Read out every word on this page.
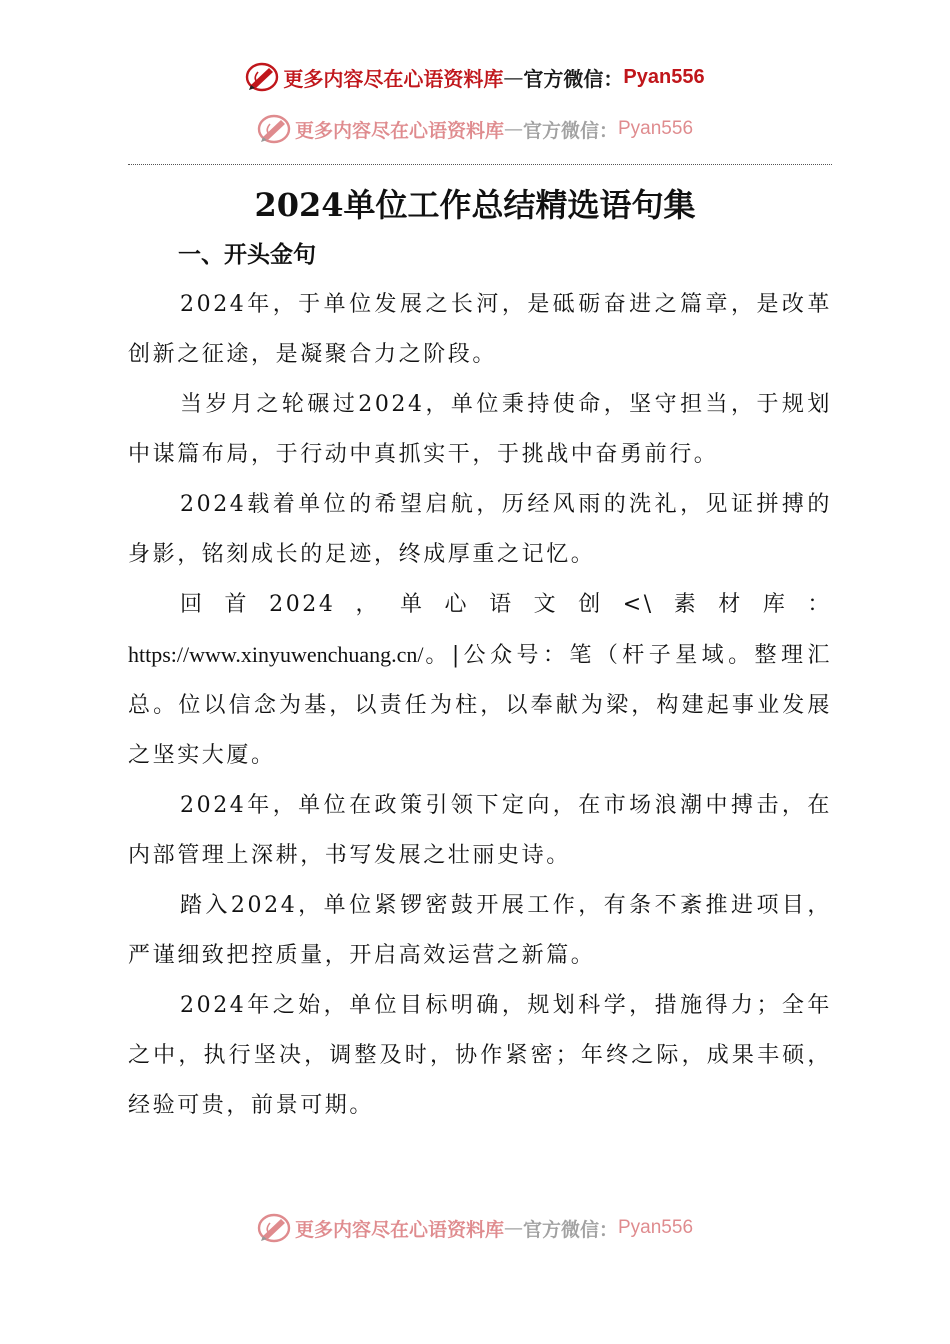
更多内容尽在心语资料库 — 官方微信： Pyan556
更多内容尽在心语资料库 — 官方微信： Pyan556
2024单位工作总结精选语句集
一、开头金句

2024年，于单位发展之长河，是砥砺奋进之篇章，是改革创新之征途，是凝聚合力之阶段。

当岁月之轮碾过2024，单位秉持使命，坚守担当，于规划中谋篇布局，于行动中真抓实干，于挑战中奋勇前行。

2024载着单位的希望启航，历经风雨的洗礼，见证拼搏的身影，铭刻成长的足迹，终成厚重之记忆。

回首2024，单心语文创<\素材库：https://www.xinyuwenchuang.cn/。|公众号：笔（杆子星域。整理汇总。位以信念为基，以责任为柱，以奉献为梁，构建起事业发展之坚实大厦。

2024年，单位在政策引领下定向，在市场浪潮中搏击，在内部管理上深耕，书写发展之壮丽史诗。

踏入2024，单位紧锣密鼓开展工作，有条不紊推进项目，严谨细致把控质量，开启高效运营之新篇。

2024年之始，单位目标明确，规划科学，措施得力；全年之中，执行坚决，调整及时，协作紧密；年终之际，成果丰硕，经验可贵，前景可期。

更多内容尽在心语资料库 — 官方微信： Pyan556
